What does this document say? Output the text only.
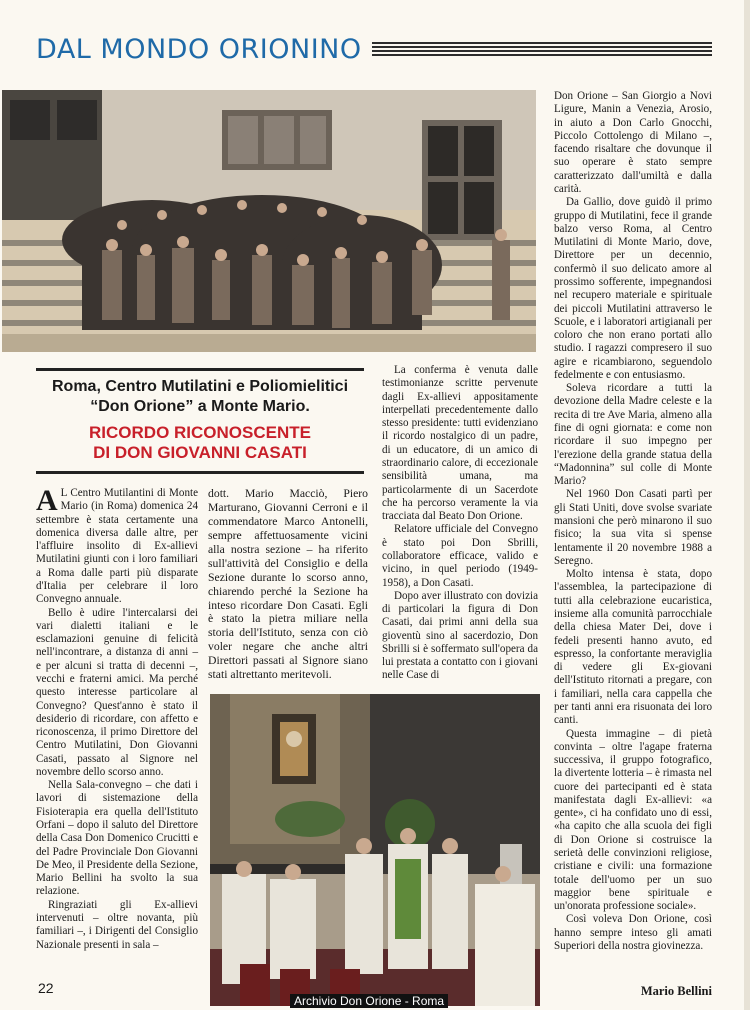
DAL MONDO ORIONINO
Roma, Centro Mutilatini e Poliomielitici “Don Orione” a Monte Mario.
RICORDO RICONOSCENTE
DI DON GIOVANNI CASATI

A L Centro Mutilantini di Monte Mario (in Roma) domenica 24 settembre è stata certamente una domenica diversa dalle altre, per l'affluire insolito di Ex-allievi Mutilatini giunti con i loro familiari a Roma dalle parti più disparate d'Italia per celebrare il loro Convegno annuale.

Bello è udire l'intercalarsi dei vari dialetti italiani e le esclamazioni genuine di felicità nell'incontrare, a distanza di anni – e per alcuni si tratta di decenni –, vecchi e fraterni amici. Ma perché questo interesse particolare al Convegno? Quest'anno è stato il desiderio di ricordare, con affetto e riconoscenza, il primo Direttore del Centro Mutilatini, Don Giovanni Casati, passato al Signore nel novembre dello scorso anno.

Nella Sala-convegno – che dati i lavori di sistemazione della Fisioterapia era quella dell'Istituto Orfani – dopo il saluto del Direttore della Casa Don Domenico Crucitti e del Padre Provinciale Don Giovanni De Meo, il Presidente della Sezione, Mario Bellini ha svolto la sua relazione.

Ringraziati gli Ex-allievi intervenuti – oltre novanta, più familiari –, i Dirigenti del Consiglio Nazionale presenti in sala –

dott. Mario Macciò, Piero Marturano, Giovanni Cerroni e il commendatore Marco Antonelli, sempre affettuosamente vicini alla nostra sezione – ha riferito sull'attività del Consiglio e della Sezione durante lo scorso anno, chiarendo perché la Sezione ha inteso ricordare Don Casati. Egli è stato la pietra miliare nella storia dell'Istituto, senza con ciò voler negare che anche altri Direttori passati al Signore siano stati altrettanto meritevoli.

La conferma è venuta dalle testimonianze scritte pervenute dagli Ex-allievi appositamente interpellati precedentemente dallo stesso presidente: tutti evidenziano il ricordo nostalgico di un padre, di un educatore, di un amico di straordinario calore, di eccezionale sensibilità umana, ma particolarmente di un Sacerdote che ha percorso veramente la via tracciata dal Beato Don Orione.

Relatore ufficiale del Convegno è stato poi Don Sbrilli, collaboratore efficace, valido e vicino, in quel periodo (1949-1958), a Don Casati.

Dopo aver illustrato con dovizia di particolari la figura di Don Casati, dai primi anni della sua gioventù sino al sacerdozio, Don Sbrilli si è soffermato sull'opera da lui prestata a contatto con i giovani nelle Case di

Don Orione – San Giorgio a Novi Ligure, Manin a Venezia, Arosio, in aiuto a Don Carlo Gnocchi, Piccolo Cottolengo di Milano –, facendo risaltare che dovunque il suo operare è stato sempre caratterizzato dall'umiltà e dalla carità.

Da Gallio, dove guidò il primo gruppo di Mutilatini, fece il grande balzo verso Roma, al Centro Mutilatini di Monte Mario, dove, Direttore per un decennio, confermò il suo delicato amore al prossimo sofferente, impegnandosi nel recupero materiale e spirituale dei piccoli Mutilatini attraverso le Scuole, e i laboratori artigianali per coloro che non erano portati allo studio. I ragazzi compresero il suo agire e ricambiarono, seguendolo fedelmente e con entusiasmo.

Soleva ricordare a tutti la devozione della Madre celeste e la recita di tre Ave Maria, almeno alla fine di ogni giornata: e come non ricordare il suo impegno per l'erezione della grande statua della “Madonnina” sul colle di Monte Mario?

Nel 1960 Don Casati partì per gli Stati Uniti, dove svolse svariate mansioni che però minarono il suo fisico; la sua vita si spense lentamente il 20 novembre 1988 a Seregno.

Molto intensa è stata, dopo l'assemblea, la partecipazione di tutti alla celebrazione eucaristica, insieme alla comunità parrocchiale della chiesa Mater Dei, dove i fedeli presenti hanno avuto, ed espresso, la confortante meraviglia di vedere gli Ex-giovani dell'Istituto ritornati a pregare, con i familiari, nella cara cappella che per tanti anni era risuonata dei loro canti.

Questa immagine – di pietà convinta – oltre l'agape fraterna successiva, il gruppo fotografico, la divertente lotteria – è rimasta nel cuore dei partecipanti ed è stata manifestata dagli Ex-allievi: «a gente», ci ha confidato uno di essi, «ha capito che alla scuola dei figli di Don Orione si costruisce la serietà delle convinzioni religiose, cristiane e civili: una formazione totale dell'uomo per un suo maggior bene spirituale e un'onorata professione sociale».

Così voleva Don Orione, così hanno sempre inteso gli amati Superiori della nostra giovinezza.

Mario Bellini
22
Archivio Don Orione - Roma
